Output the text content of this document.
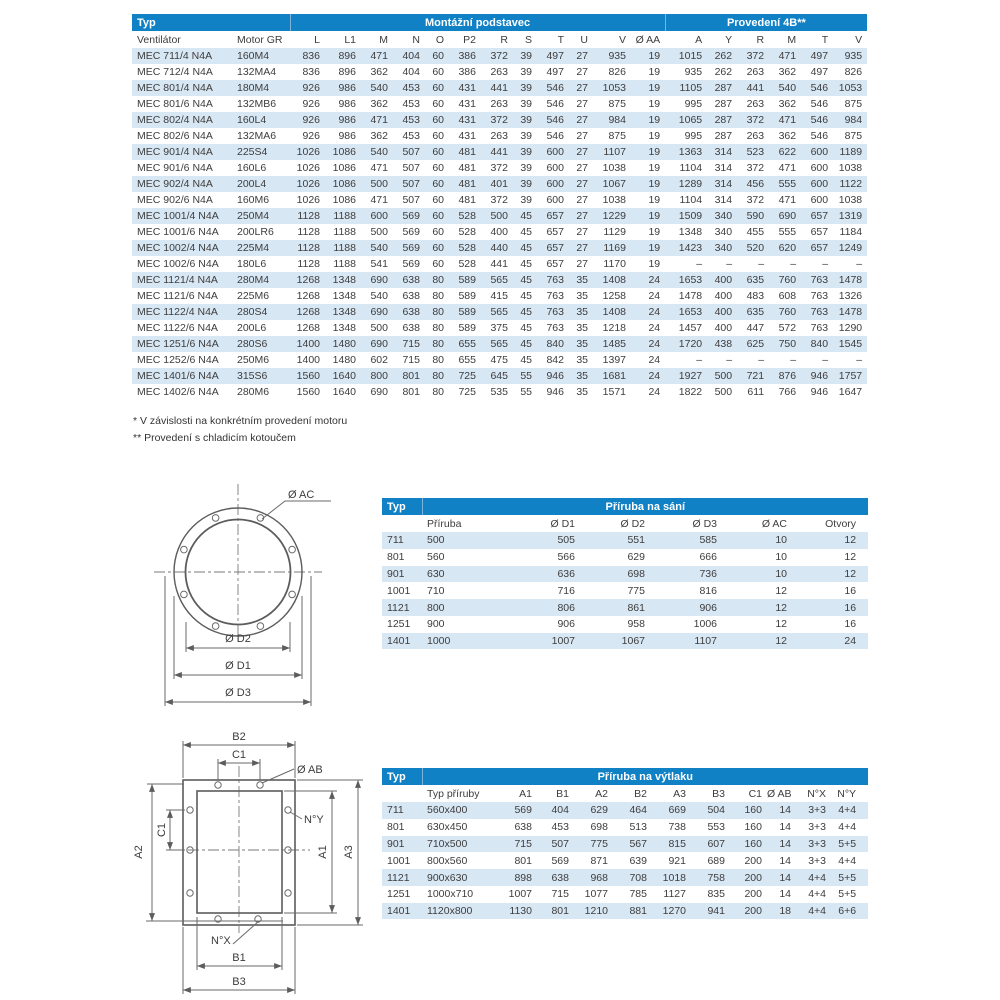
Typ		Montážní podstavec												Provedení 4B**					
Ventilátor	Motor GR	L	L1	M	N	O	P2	R	S	T	U	V	Ø AA	A	Y	R	M	T	V
MEC 711/4 N4A	160M4	836	896	471	404	60	386	372	39	497	27	935	19	1015	262	372	471	497	935
MEC 712/4 N4A	132MA4	836	896	362	404	60	386	263	39	497	27	826	19	935	262	263	362	497	826
MEC 801/4 N4A	180M4	926	986	540	453	60	431	441	39	546	27	1053	19	1105	287	441	540	546	1053
MEC 801/6 N4A	132MB6	926	986	362	453	60	431	263	39	546	27	875	19	995	287	263	362	546	875
MEC 802/4 N4A	160L4	926	986	471	453	60	431	372	39	546	27	984	19	1065	287	372	471	546	984
MEC 802/6 N4A	132MA6	926	986	362	453	60	431	263	39	546	27	875	19	995	287	263	362	546	875
MEC 901/4 N4A	225S4	1026	1086	540	507	60	481	441	39	600	27	1107	19	1363	314	523	622	600	1189
MEC 901/6 N4A	160L6	1026	1086	471	507	60	481	372	39	600	27	1038	19	1104	314	372	471	600	1038
MEC 902/4 N4A	200L4	1026	1086	500	507	60	481	401	39	600	27	1067	19	1289	314	456	555	600	1122
MEC 902/6 N4A	160M6	1026	1086	471	507	60	481	372	39	600	27	1038	19	1104	314	372	471	600	1038
MEC 1001/4 N4A	250M4	1128	1188	600	569	60	528	500	45	657	27	1229	19	1509	340	590	690	657	1319
MEC 1001/6 N4A	200LR6	1128	1188	500	569	60	528	400	45	657	27	1129	19	1348	340	455	555	657	1184
MEC 1002/4 N4A	225M4	1128	1188	540	569	60	528	440	45	657	27	1169	19	1423	340	520	620	657	1249
MEC 1002/6 N4A	180L6	1128	1188	541	569	60	528	441	45	657	27	1170	19	–	–	–	–	–	–
MEC 1121/4 N4A	280M4	1268	1348	690	638	80	589	565	45	763	35	1408	24	1653	400	635	760	763	1478
MEC 1121/6 N4A	225M6	1268	1348	540	638	80	589	415	45	763	35	1258	24	1478	400	483	608	763	1326
MEC 1122/4 N4A	280S4	1268	1348	690	638	80	589	565	45	763	35	1408	24	1653	400	635	760	763	1478
MEC 1122/6 N4A	200L6	1268	1348	500	638	80	589	375	45	763	35	1218	24	1457	400	447	572	763	1290
MEC 1251/6 N4A	280S6	1400	1480	690	715	80	655	565	45	840	35	1485	24	1720	438	625	750	840	1545
MEC 1252/6 N4A	250M6	1400	1480	602	715	80	655	475	45	842	35	1397	24	–	–	–	–	–	–
MEC 1401/6 N4A	315S6	1560	1640	800	801	80	725	645	55	946	35	1681	24	1927	500	721	876	946	1757
MEC 1402/6 N4A	280M6	1560	1640	690	801	80	725	535	55	946	35	1571	24	1822	500	611	766	946	1647
* V závislosti na konkrétním provedení motoru
** Provedení s chladicím kotoučem
Ø AC
Ø D2
Ø D1
Ø D3
Typ	Příruba na sání					
	Příruba	Ø D1	Ø D2	Ø D3	Ø AC	Otvory
711	500	505	551	585	10	12
801	560	566	629	666	10	12
901	630	636	698	736	10	12
1001	710	716	775	816	12	16
1121	800	806	861	906	12	16
1251	900	906	958	1006	12	16
1401	1000	1007	1067	1107	12	24
B2
C1
Ø AB
N°Y
A2
C1
A1 A3
N°X
B1
B3
Typ	Příruba na výtlaku										
	Typ příruby	A1	B1	A2	B2	A3	B3	C1	Ø AB	N°X	N°Y
711	560x400	569	404	629	464	669	504	160	14	3+3	4+4
801	630x450	638	453	698	513	738	553	160	14	3+3	4+4
901	710x500	715	507	775	567	815	607	160	14	3+3	5+5
1001	800x560	801	569	871	639	921	689	200	14	3+3	4+4
1121	900x630	898	638	968	708	1018	758	200	14	4+4	5+5
1251	1000x710	1007	715	1077	785	1127	835	200	14	4+4	5+5
1401	1120x800	1130	801	1210	881	1270	941	200	18	4+4	6+6
